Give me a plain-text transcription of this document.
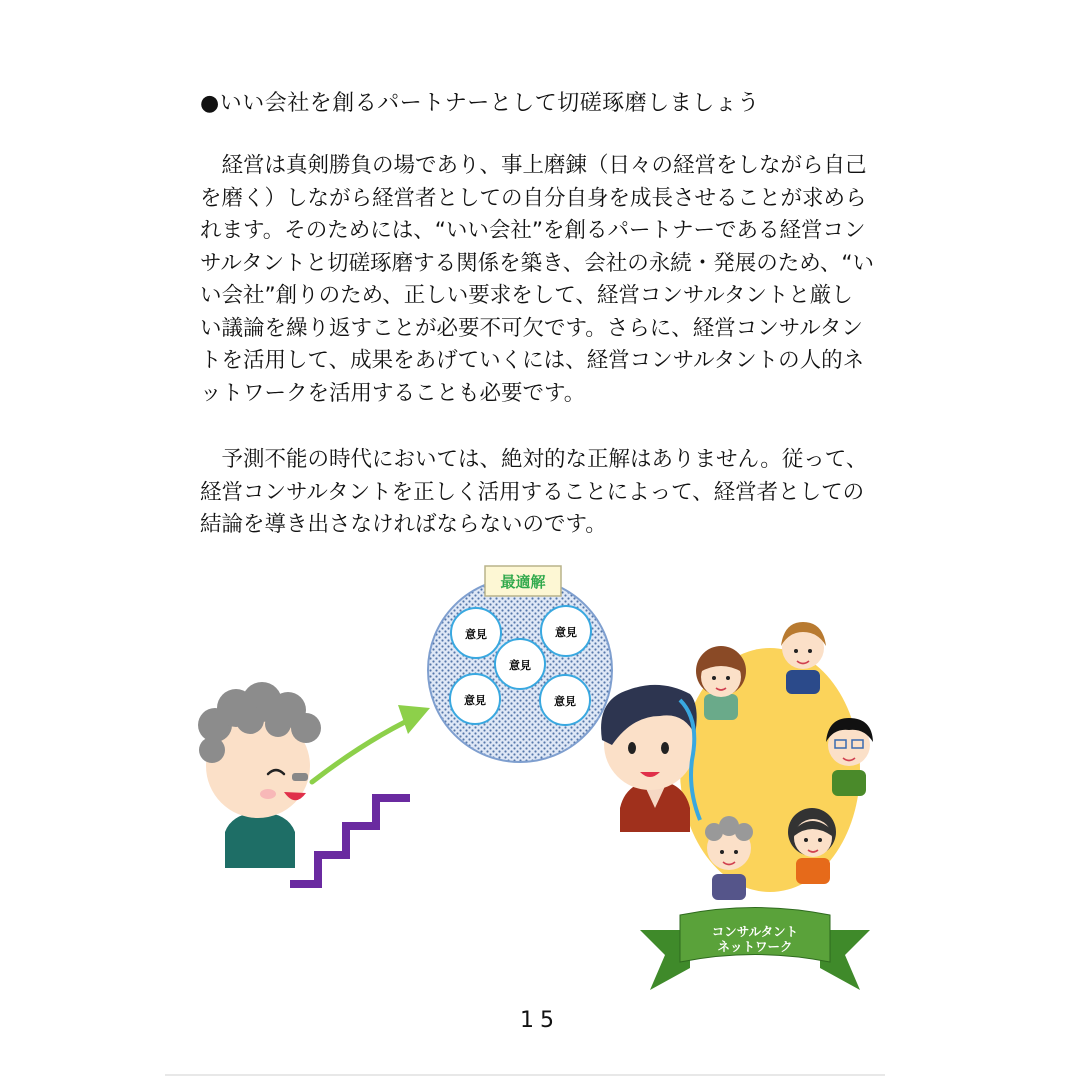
●いい会社を創るパートナーとして切磋琢磨しましょう
　経営は真剣勝負の場であり、事上磨錬（日々の経営をしながら自己
を磨く）しながら経営者としての自分自身を成長させることが求めら
れます。そのためには、“いい会社”を創るパートナーである経営コン
サルタントと切磋琢磨する関係を築き、会社の永続・発展のため、“い
い会社”創りのため、正しい要求をして、経営コンサルタントと厳し
い議論を繰り返すことが必要不可欠です。さらに、経営コンサルタン
トを活用して、成果をあげていくには、経営コンサルタントの人的ネ
ットワークを活用することも必要です。
　予測不能の時代においては、絶対的な正解はありません。従って、
経営コンサルタントを正しく活用することによって、経営者としての
結論を導き出さなければならないのです。
最適解
意見	意見
意見
意見	意見
コンサルタント
ネットワーク
15
